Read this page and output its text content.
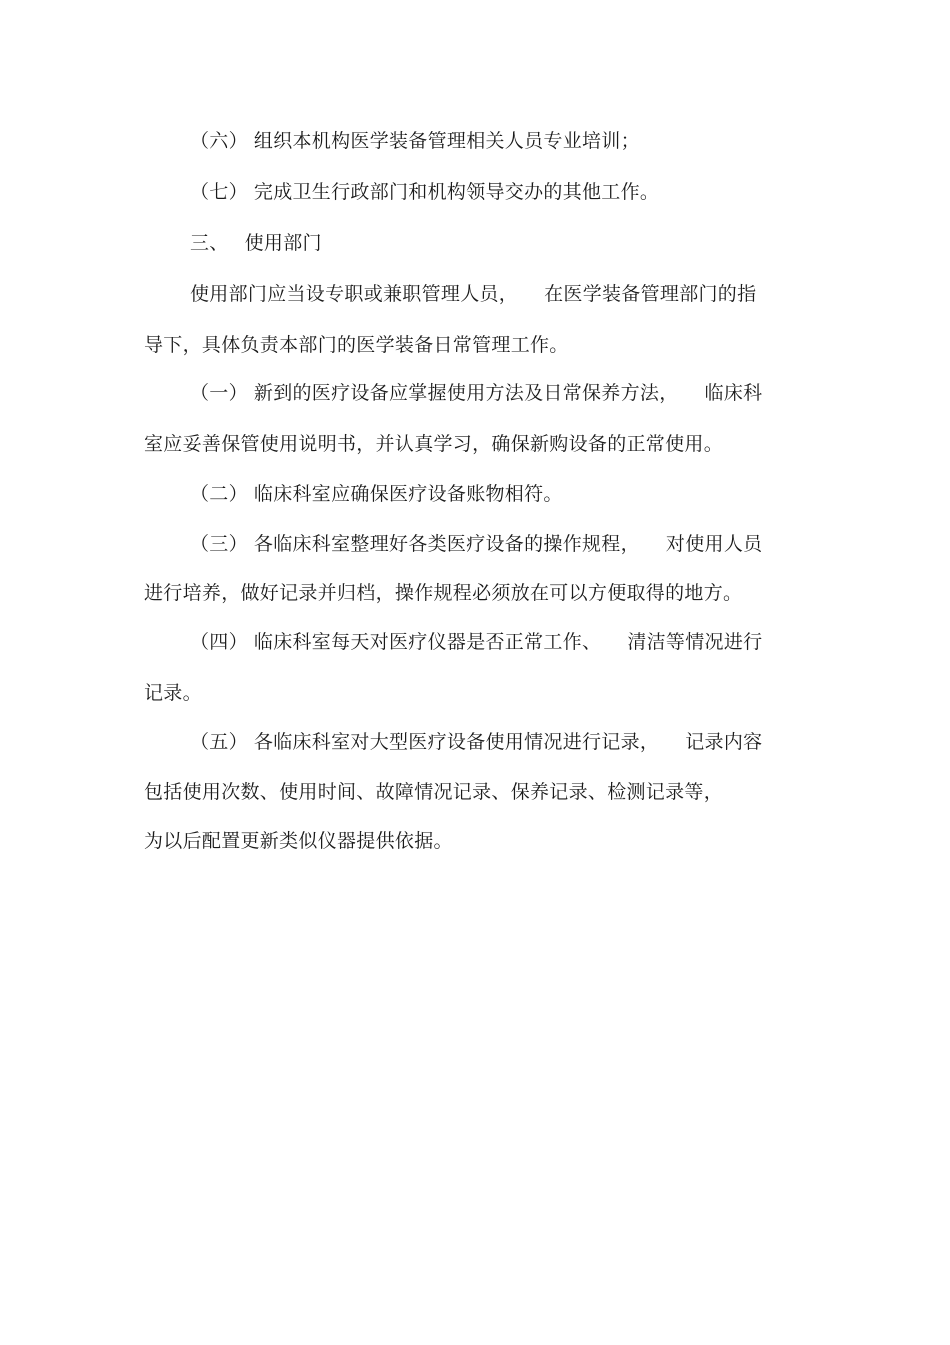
（六） 组织本机构医学装备管理相关人员专业培训；
（七） 完成卫生行政部门和机构领导交办的其他工作。
三、 使用部门
使用部门应当设专职或兼职管理人员， 在医学装备管理部门的指
导下，具体负责本部门的医学装备日常管理工作。
（一） 新到的医疗设备应掌握使用方法及日常保养方法， 临床科
室应妥善保管使用说明书，并认真学习，确保新购设备的正常使用。
（二） 临床科室应确保医疗设备账物相符。
（三） 各临床科室整理好各类医疗设备的操作规程， 对使用人员
进行培养，做好记录并归档，操作规程必须放在可以方便取得的地方。
（四） 临床科室每天对医疗仪器是否正常工作、 清洁等情况进行
记录。
（五） 各临床科室对大型医疗设备使用情况进行记录， 记录内容
包括使用次数、使用时间、故障情况记录、保养记录、检测记录等，
为以后配置更新类似仪器提供依据。
